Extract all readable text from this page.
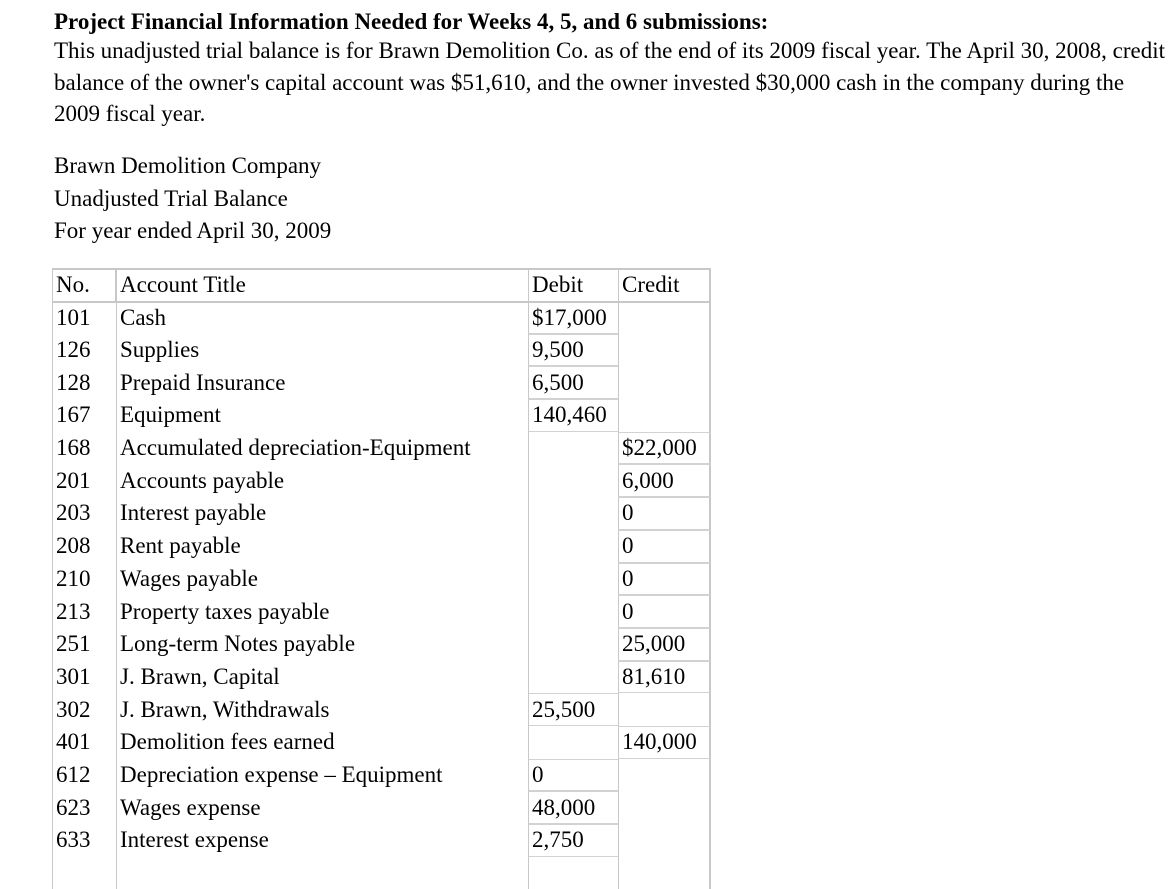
Project Financial Information Needed for Weeks 4, 5, and 6 submissions:

This unadjusted trial balance is for Brawn Demolition Co. as of the end of its 2009 fiscal year. The April 30, 2008, credit balance of the owner's capital account was $51,610, and the owner invested $30,000 cash in the company during the 2009 fiscal year.

Brawn Demolition Company
Unadjusted Trial Balance
For year ended April 30, 2009
No.	Account Title	Debit	Credit
101	Cash	$17,000	
126	Supplies	9,500	
128	Prepaid Insurance	6,500	
167	Equipment	140,460	
168	Accumulated depreciation-Equipment		$22,000
201	Accounts payable		6,000
203	Interest payable		0
208	Rent payable		0
210	Wages payable		0
213	Property taxes payable		0
251	Long-term Notes payable		25,000
301	J. Brawn, Capital		81,610
302	J. Brawn, Withdrawals	25,500	
401	Demolition fees earned		140,000
612	Depreciation expense – Equipment	0	
623	Wages expense	48,000	
633	Interest expense	2,750	
